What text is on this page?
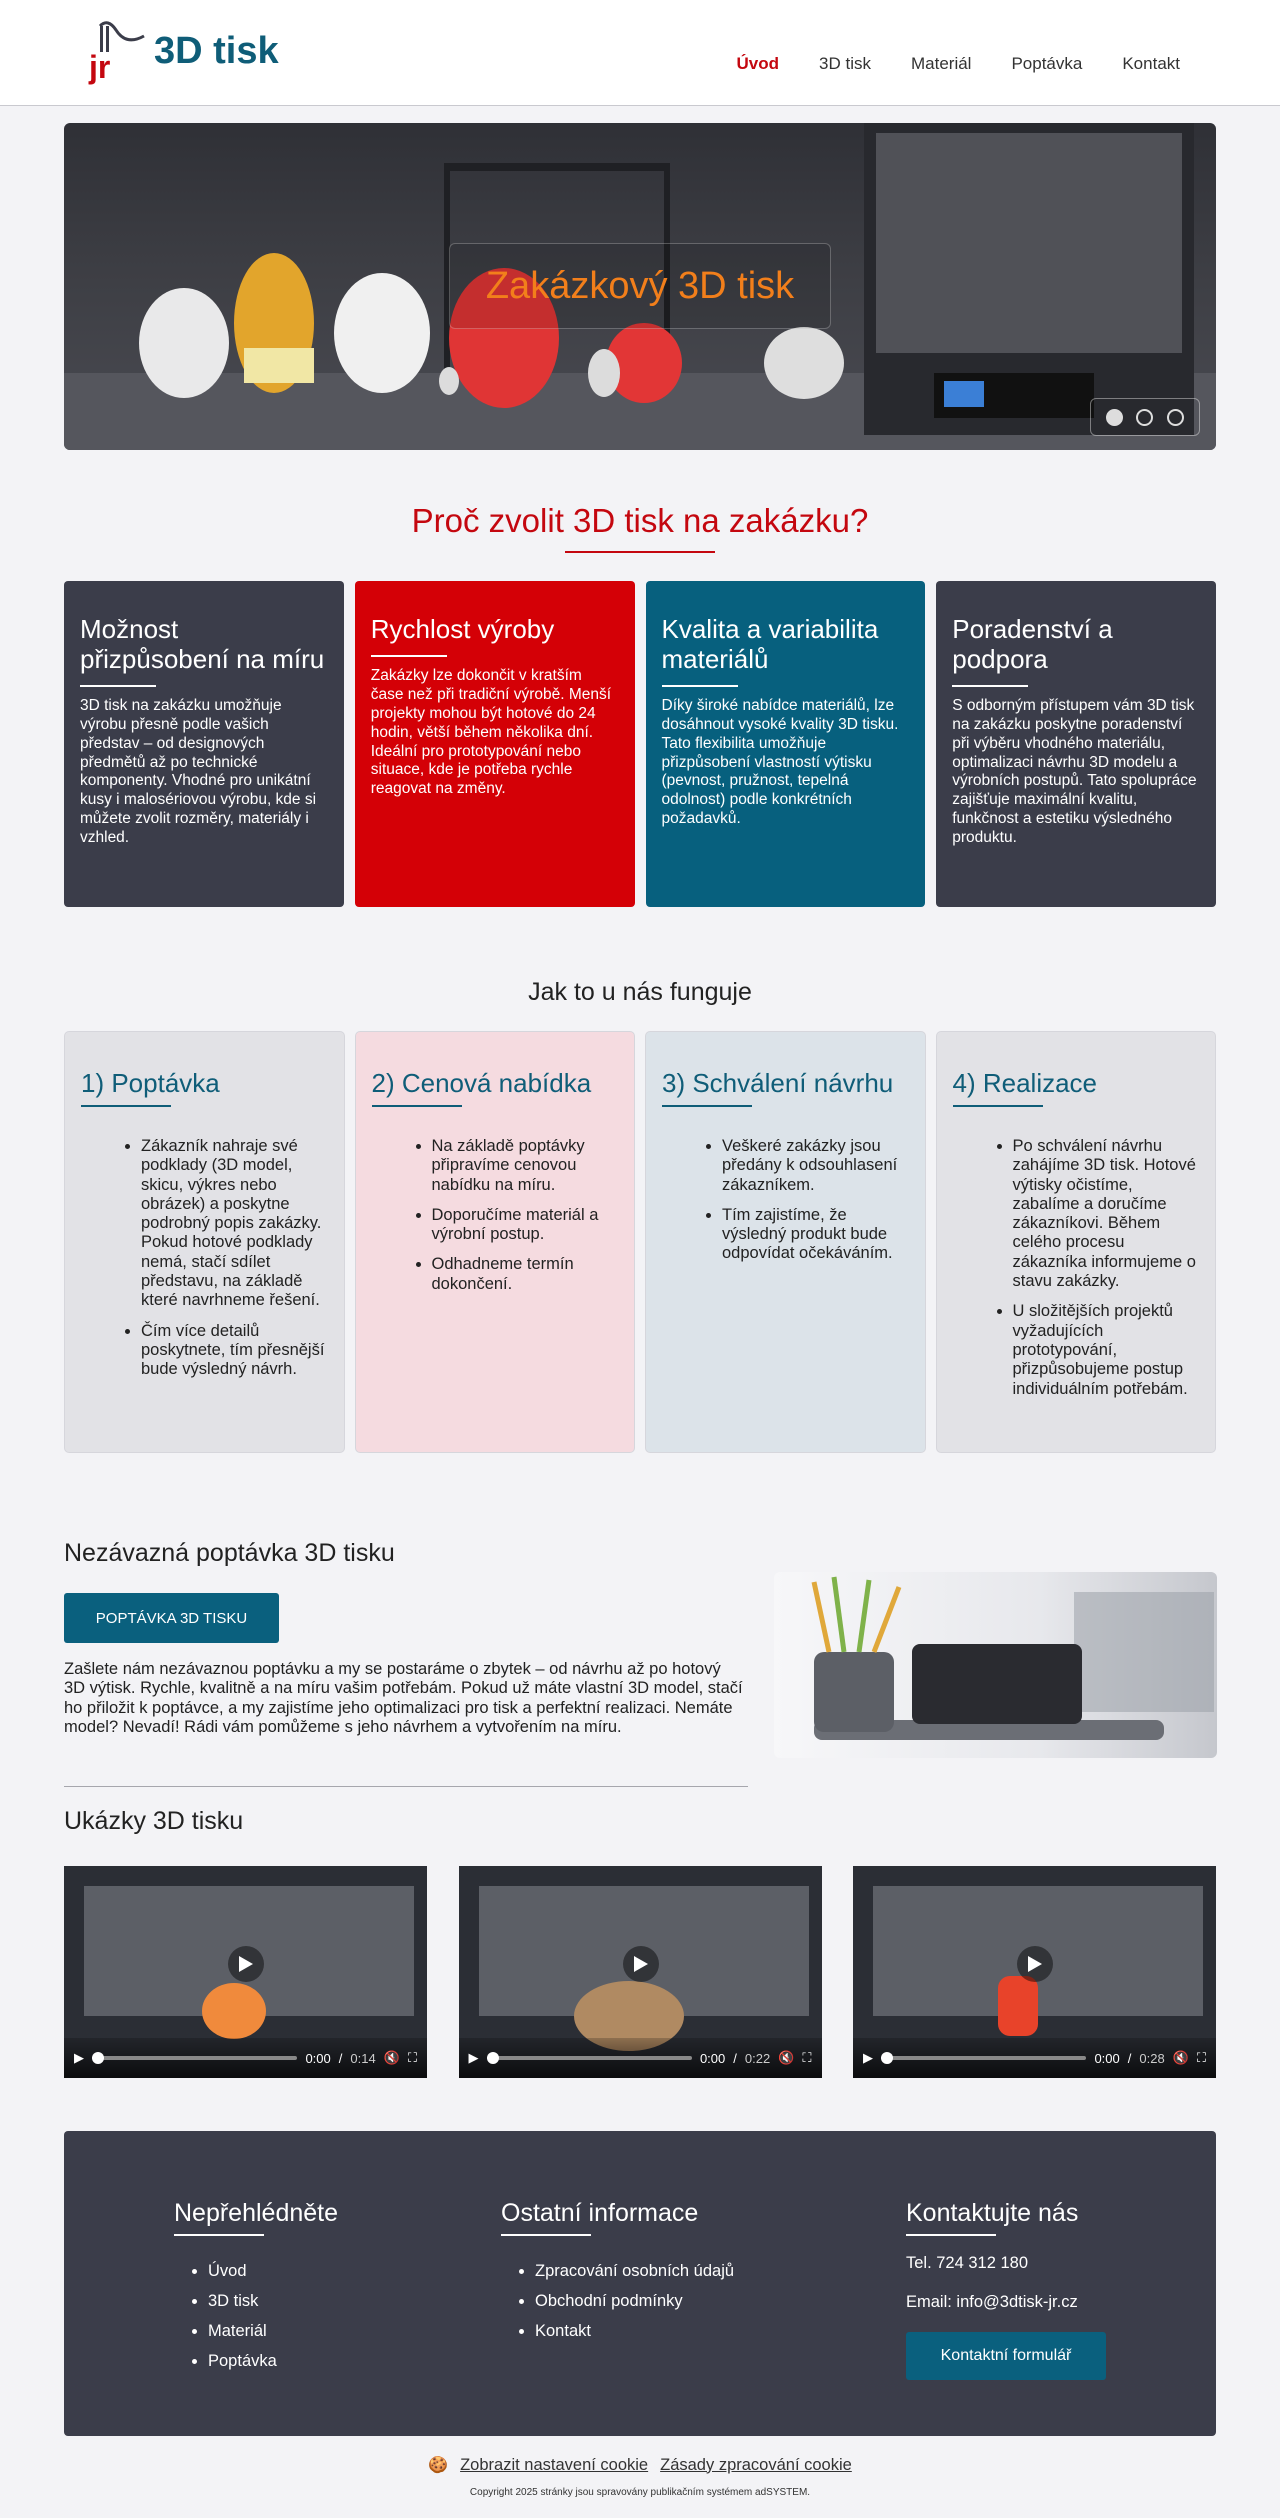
jr 3D tisk	Úvod 3D tisk Materiál Poptávka Kontakt
Zakázkový 3D tisk
Proč zvolit 3D tisk na zakázku?
Možnost přizpůsobení na míru

3D tisk na zakázku umožňuje výrobu přesně podle vašich představ – od designových předmětů až po technické komponenty. Vhodné pro unikátní kusy i malosériovou výrobu, kde si můžete zvolit rozměry, materiály i vzhled.

Rychlost výroby

Zakázky lze dokončit v kratším čase než při tradiční výrobě. Menší projekty mohou být hotové do 24 hodin, větší během několika dní. Ideální pro prototypování nebo situace, kde je potřeba rychle reagovat na změny.

Kvalita a variabilita materiálů

Díky široké nabídce materiálů, lze dosáhnout vysoké kvality 3D tisku. Tato flexibilita umožňuje přizpůsobení vlastností výtisku (pevnost, pružnost, tepelná odolnost) podle konkrétních požadavků.

Poradenství a podpora

S odborným přístupem vám 3D tisk na zakázku poskytne poradenství při výběru vhodného materiálu, optimalizaci návrhu 3D modelu a výrobních postupů. Tato spolupráce zajišťuje maximální kvalitu, funkčnost a estetiku výsledného produktu.

Jak to u nás funguje
1) Poptávka
• Zákazník nahraje své podklady (3D model, skicu, výkres nebo obrázek) a poskytne podrobný popis zakázky. Pokud hotové podklady nemá, stačí sdílet představu, na základě které navrhneme řešení.
• Čím více detailů poskytnete, tím přesnější bude výsledný návrh.
2) Cenová nabídka
• Na základě poptávky připravíme cenovou nabídku na míru.
• Doporučíme materiál a výrobní postup.
• Odhadneme termín dokončení.
3) Schválení návrhu
• Veškeré zakázky jsou předány k odsouhlasení zákazníkem.
• Tím zajistíme, že výsledný produkt bude odpovídat očekáváním.
4) Realizace
• Po schválení návrhu zahájíme 3D tisk. Hotové výtisky očistíme, zabalíme a doručíme zákazníkovi. Během celého procesu zákazníka informujeme o stavu zakázky.
• U složitějších projektů vyžadujících prototypování, přizpůsobujeme postup individuálním potřebám.
Nezávazná poptávka 3D tisku
POPTÁVKA 3D TISKU

Zašlete nám nezávaznou poptávku a my se postaráme o zbytek – od návrhu až po hotový 3D výtisk. Rychle, kvalitně a na míru vašim potřebám. Pokud už máte vlastní 3D model, stačí ho přiložit k poptávce, a my zajistíme jeho optimalizaci pro tisk a perfektní realizaci. Nemáte model? Nevadí! Rádi vám pomůžeme s jeho návrhem a vytvořením na míru.

Ukázky 3D tisku
▶	0:00 / 0:14 🔇 ⛶	▶	0:00 / 0:22 🔇 ⛶	▶	0:00 / 0:28 🔇 ⛶
Nepřehlédněte
• Úvod
• 3D tisk
• Materiál
• Poptávka
Ostatní informace
• Zpracování osobních údajů
• Obchodní podmínky
• Kontakt
Kontaktujte nás
Tel. 724 312 180
Email: info@3dtisk-jr.cz
Kontaktní formulář
🍪 Zobrazit nastavení cookie Zásady zpracování cookie
Copyright 2025 stránky jsou spravovány publikačním systémem adSYSTEM.
